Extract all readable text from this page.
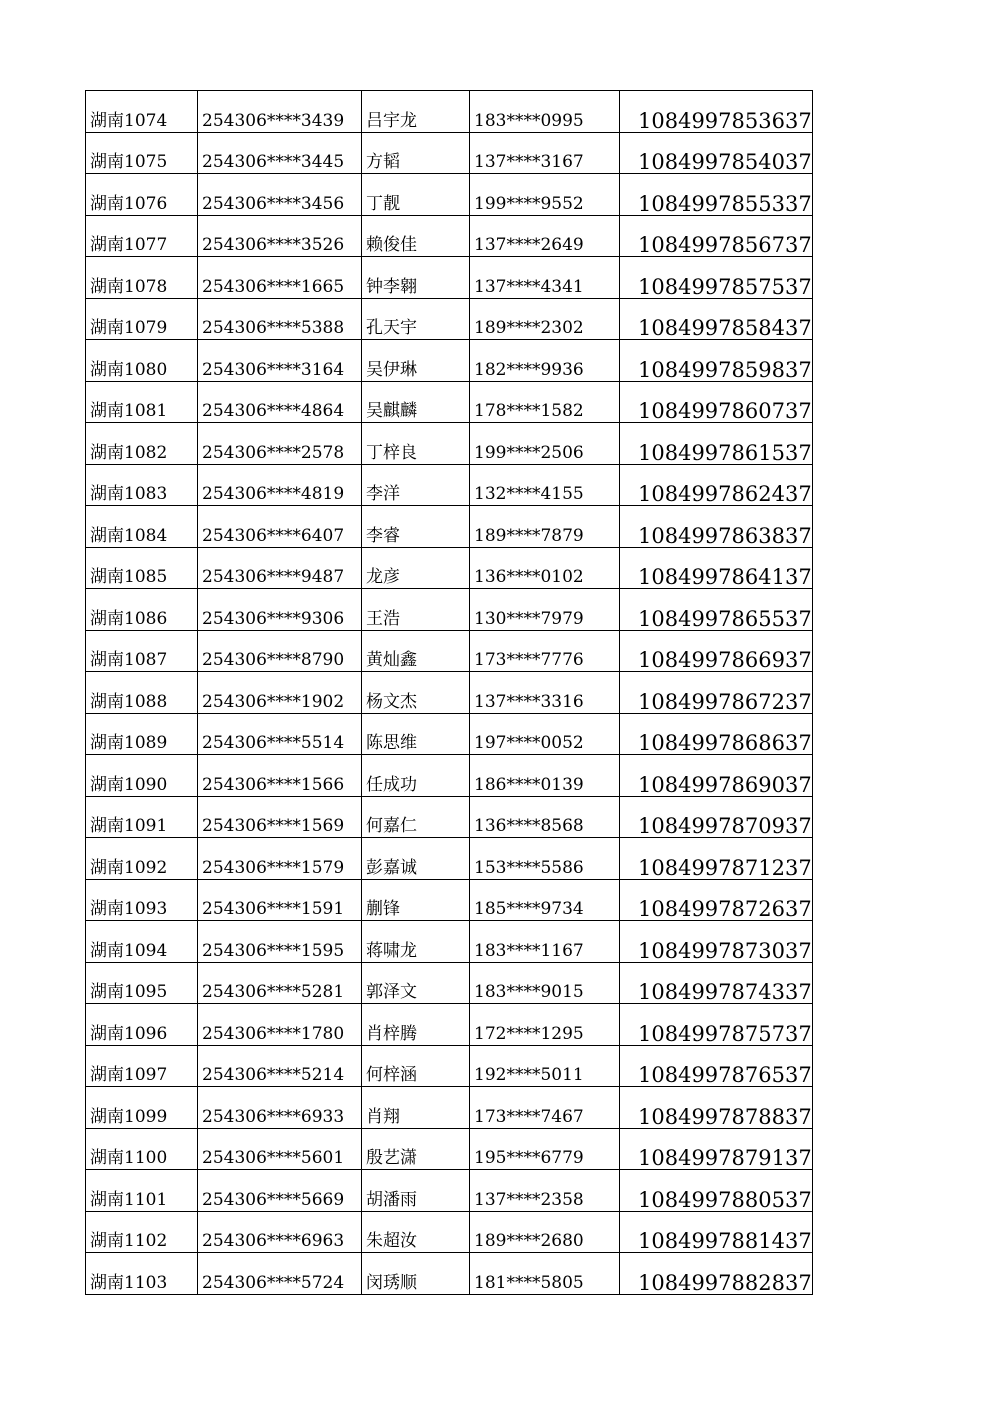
湖南1074	254306****3439	吕宇龙	183****0995	1084997853637
湖南1075	254306****3445	方韬	137****3167	1084997854037
湖南1076	254306****3456	丁靓	199****9552	1084997855337
湖南1077	254306****3526	赖俊佳	137****2649	1084997856737
湖南1078	254306****1665	钟李翱	137****4341	1084997857537
湖南1079	254306****5388	孔天宇	189****2302	1084997858437
湖南1080	254306****3164	吴伊琳	182****9936	1084997859837
湖南1081	254306****4864	吴麒麟	178****1582	1084997860737
湖南1082	254306****2578	丁梓良	199****2506	1084997861537
湖南1083	254306****4819	李洋	132****4155	1084997862437
湖南1084	254306****6407	李睿	189****7879	1084997863837
湖南1085	254306****9487	龙彦	136****0102	1084997864137
湖南1086	254306****9306	王浩	130****7979	1084997865537
湖南1087	254306****8790	黄灿鑫	173****7776	1084997866937
湖南1088	254306****1902	杨文杰	137****3316	1084997867237
湖南1089	254306****5514	陈思维	197****0052	1084997868637
湖南1090	254306****1566	任成功	186****0139	1084997869037
湖南1091	254306****1569	何嘉仁	136****8568	1084997870937
湖南1092	254306****1579	彭嘉诚	153****5586	1084997871237
湖南1093	254306****1591	蒯锋	185****9734	1084997872637
湖南1094	254306****1595	蒋啸龙	183****1167	1084997873037
湖南1095	254306****5281	郭泽文	183****9015	1084997874337
湖南1096	254306****1780	肖梓腾	172****1295	1084997875737
湖南1097	254306****5214	何梓涵	192****5011	1084997876537
湖南1099	254306****6933	肖翔	173****7467	1084997878837
湖南1100	254306****5601	殷艺潇	195****6779	1084997879137
湖南1101	254306****5669	胡潘雨	137****2358	1084997880537
湖南1102	254306****6963	朱超汝	189****2680	1084997881437
湖南1103	254306****5724	闵琇顺	181****5805	1084997882837
